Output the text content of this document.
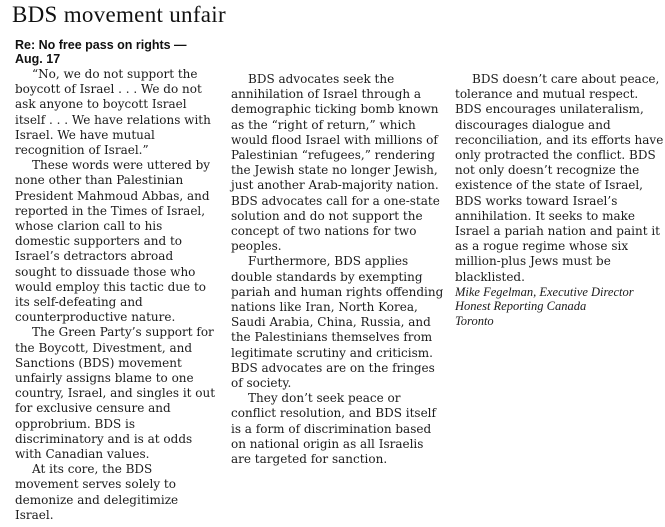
BDS movement unfair
Re: No free pass on rights — Aug. 17

“No, we do not support the boycott of Israel . . . We do not ask anyone to boycott Israel itself . . . We have relations with Israel. We have mutual recognition of Israel.”

These words were uttered by none other than Palestinian President Mahmoud Abbas, and reported in the Times of Israel, whose clarion call to his domestic supporters and to Israel’s detractors abroad sought to dissuade those who would employ this tactic due to its self-defeating and counterproductive nature.

The Green Party’s support for the Boycott, Divestment, and Sanctions (BDS) movement unfairly assigns blame to one country, Israel, and singles it out for exclusive censure and opprobrium. BDS is discriminatory and is at odds with Canadian values.

At its core, the BDS movement serves solely to demonize and delegitimize Israel.

BDS advocates seek the annihilation of Israel through a demographic ticking bomb known as the “right of return,” which would flood Israel with millions of Palestinian “refugees,” rendering the Jewish state no longer Jewish, just another Arab-majority nation. BDS advocates call for a one-state solution and do not support the concept of two nations for two peoples.

Furthermore, BDS applies double standards by exempting pariah and human rights offending nations like Iran, North Korea, Saudi Arabia, China, Russia, and the Palestinians themselves from legitimate scrutiny and criticism. BDS advocates are on the fringes of society.

They don’t seek peace or conflict resolution, and BDS itself is a form of discrimination based on national origin as all Israelis are targeted for sanction.

BDS doesn’t care about peace, tolerance and mutual respect. BDS encourages unilateralism, discourages dialogue and reconciliation, and its efforts have only protracted the conflict. BDS not only doesn’t recognize the existence of the state of Israel, BDS works toward Israel’s annihilation. It seeks to make Israel a pariah nation and paint it as a rogue regime whose six million-plus Jews must be blacklisted.

Mike Fegelman, Executive Director
Honest Reporting Canada
Toronto
